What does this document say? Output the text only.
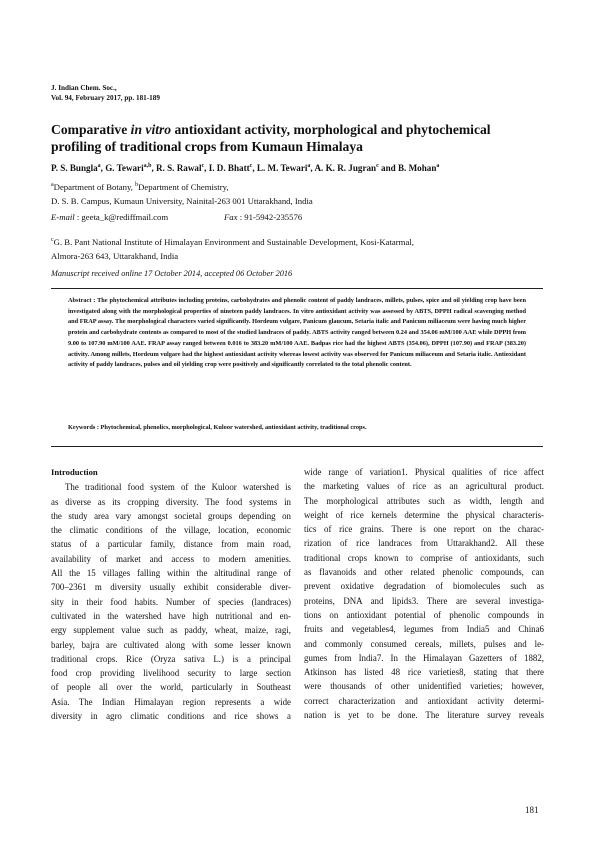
J. Indian Chem. Soc.,
Vol. 94, February 2017, pp. 181-189
Comparative in vitro antioxidant activity, morphological and phytochemical
profiling of traditional crops from Kumaun Himalaya
P. S. Bungla$^a$, G. Tewari$^{a,b}$, R. S. Rawal$^c$, I. D. Bhatt$^c$, L. M. Tewari$^a$, A. K. R. Jugran$^c$ and B. Mohan$^a$
$^a$Department of Botany, $^b$Department of Chemistry,
D. S. B. Campus, Kumaun University, Nainital-263 001 Uttarakhand, India
E-mail : geeta_k@rediffmail.com	Fax : 91-5942-235576
$^c$G. B. Pant National Institute of Himalayan Environment and Sustainable Development, Kosi-Katarmal,
Almora-263 643, Uttarakhand, India
Manuscript received online 17 October 2014, accepted 06 October 2016
Abstract : The phytochemical attributes including proteins, carbohydrates and phenolic content of paddy landraces, millets, pulses, spice and oil yielding crop have been investigated along with the morphological properties of nineteen paddy landraces. In vitro antioxidant activity was assessed by ABTS, DPPH radical scavenging method and FRAP assay. The morphological characters varied significantly. Hordeum vulgare, Panicum glaucum, Setaria italic and Panicum miliaceum were having much higher protein and carbohydrate contents as compared to most of the studied landraces of paddy. ABTS activity ranged between 0.24 and 354.06 mM/100 AAE while DPPH from 9.00 to 107.90 mM/100 AAE. FRAP assay ranged between 0.016 to 383.20 mM/100 AAE. Badpas rice had the highest ABTS (354.06), DPPH (107.90) and FRAP (383.20) activity. Among millets, Hordeum vulgare had the highest antioxidant activity whereas lowest activity was observed for Panicum miliaceum and Setaria italic. Antioxidant activity of paddy landraces, pulses and oil yielding crop were positively and significantly correlated to the total phenolic content.
Keywords : Phytochemical, phenolics, morphological, Kuloor watershed, antioxidant activity, traditional crops.
Introduction
The traditional food system of the Kuloor watershed is
as diverse as its cropping diversity. The food systems in
the study area vary amongst societal groups depending on
the climatic conditions of the village, location, economic
status of a particular family, distance from main road,
availability of market and access to modern amenities.
All the 15 villages falling within the altitudinal range of
700–2361 m diversity usually exhibit considerable diver-
sity in their food habits. Number of species (landraces)
cultivated in the watershed have high nutritional and en-
ergy supplement value such as paddy, wheat, maize, ragi,
barley, bajra are cultivated along with some lesser known
traditional crops. Rice (Oryza sativa L.) is a principal
food crop providing livelihood security to large section
of people all over the world, particularly in Southeast
Asia. The Indian Himalayan region represents a wide
diversity in agro climatic conditions and rice shows a
wide range of variation1. Physical qualities of rice affect
the marketing values of rice as an agricultural product.
The morphological attributes such as width, length and
weight of rice kernels determine the physical characteris-
tics of rice grains. There is one report on the charac-
rization of rice landraces from Uttarakhand2. All these
traditional crops known to comprise of antioxidants, such
as flavanoids and other related phenolic compounds, can
prevent oxidative degradation of biomolecules such as
proteins, DNA and lipids3. There are several investiga-
tions on antioxidant potential of phenolic compounds in
fruits and vegetables4, legumes from India5 and China6
and commonly consumed cereals, millets, pulses and le-
gumes from India7. In the Himalayan Gazetters of 1882,
Atkinson has listed 48 rice varieties8, stating that there
were thousands of other unidentified varieties; however,
correct characterization and antioxidant activity determi-
nation is yet to be done. The literature survey reveals
181
